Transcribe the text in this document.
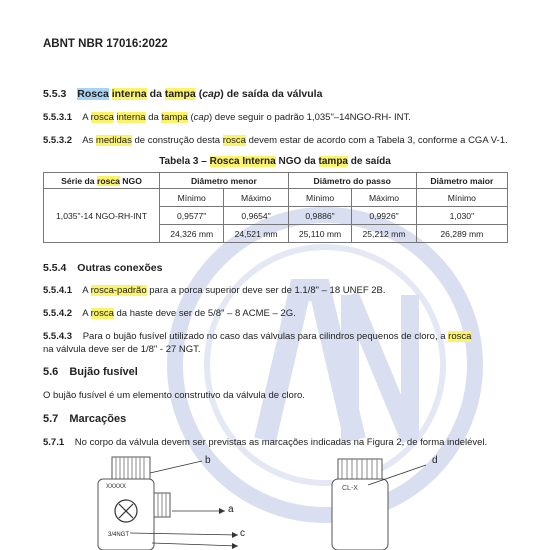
ABNT NBR 17016:2022
5.5.3 Rosca interna da tampa (cap) de saída da válvula
5.5.3.1 A rosca interna da tampa (cap) deve seguir o padrão 1,035"–14NGO-RH- INT.
5.5.3.2 As medidas de construção desta rosca devem estar de acordo com a Tabela 3, conforme a CGA V-1.
Tabela 3 – Rosca Interna NGO da tampa de saída
Série da rosca NGO	Diâmetro menor		Diâmetro do passo		Diâmetro maior
1,035"-14 NGO-RH-INT	Mínimo	Máximo	Mínimo	Máximo	Mínimo
	0,9577"	0,9654"	0,9886"	0,9926"	1,030"
	24,326 mm	24,521 mm	25,110 mm	25,212 mm	26,289 mm
5.5.4 Outras conexões
5.5.4.1 A rosca-padrão para a porca superior deve ser de 1.1/8" – 18 UNEF 2B.
5.5.4.2 A rosca da haste deve ser de 5/8" – 8 ACME – 2G.
5.5.4.3 Para o bujão fusível utilizado no caso das válvulas para cilindros pequenos de cloro, a rosca
na válvula deve ser de 1/8" - 27 NGT.
5.6 Bujão fusível
O bujão fusível é um elemento construtivo da válvula de cloro.
5.7 Marcações
5.7.1 No corpo da válvula devem ser previstas as marcações indicadas na Figura 2, de forma indelével.
XXXXX
3/4NGT
b
a
c
CL-X
d
